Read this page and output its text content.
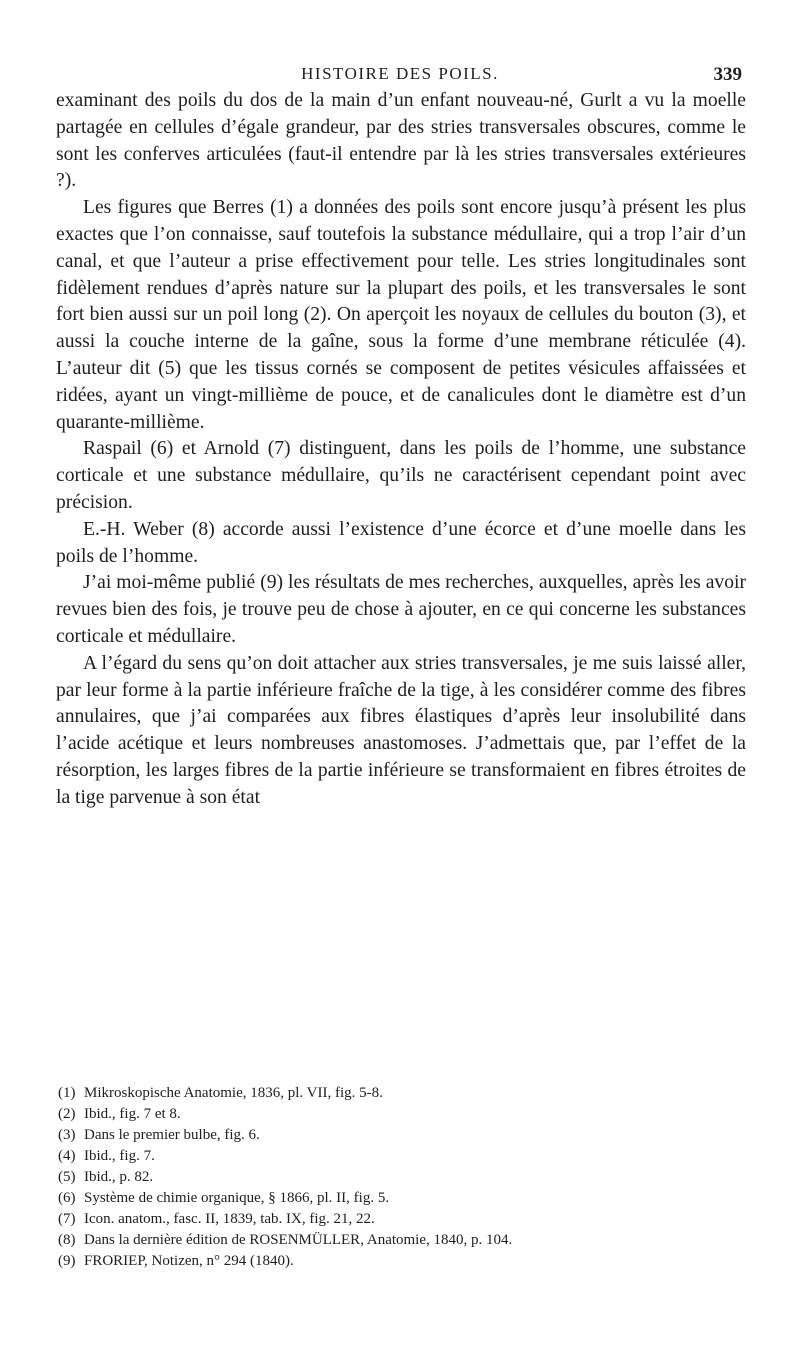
HISTOIRE DES POILS.	339

examinant des poils du dos de la main d’un enfant nouveau-né, Gurlt a vu la moelle partagée en cellules d’égale grandeur, par des stries transversales obscures, comme le sont les conferves articulées (faut-il entendre par là les stries transversales extérieures ?).

Les figures que Berres (1) a données des poils sont encore jusqu’à présent les plus exactes que l’on connaisse, sauf toutefois la substance médullaire, qui a trop l’air d’un canal, et que l’auteur a prise effectivement pour telle. Les stries longitudinales sont fidèlement rendues d’après nature sur la plupart des poils, et les transversales le sont fort bien aussi sur un poil long (2). On aperçoit les noyaux de cellules du bouton (3), et aussi la couche interne de la gaîne, sous la forme d’une membrane réticulée (4). L’auteur dit (5) que les tissus cornés se composent de petites vésicules affaissées et ridées, ayant un vingt-millième de pouce, et de canalicules dont le diamètre est d’un quarante-millième.

Raspail (6) et Arnold (7) distinguent, dans les poils de l’homme, une substance corticale et une substance médullaire, qu’ils ne caractérisent cependant point avec précision.

E.-H. Weber (8) accorde aussi l’existence d’une écorce et d’une moelle dans les poils de l’homme.

J’ai moi-même publié (9) les résultats de mes recherches, auxquelles, après les avoir revues bien des fois, je trouve peu de chose à ajouter, en ce qui concerne les substances corticale et médullaire.

A l’égard du sens qu’on doit attacher aux stries transversales, je me suis laissé aller, par leur forme à la partie inférieure fraîche de la tige, à les considérer comme des fibres annulaires, que j’ai comparées aux fibres élastiques d’après leur insolubilité dans l’acide acétique et leurs nombreuses anastomoses. J’admettais que, par l’effet de la résorption, les larges fibres de la partie inférieure se transformaient en fibres étroites de la tige parvenue à son état

(1) Mikroskopische Anatomie, 1836, pl. VII, fig. 5-8.
(2) Ibid., fig. 7 et 8.
(3) Dans le premier bulbe, fig. 6.
(4) Ibid., fig. 7.
(5) Ibid., p. 82.
(6) Système de chimie organique, § 1866, pl. II, fig. 5.
(7) Icon. anatom., fasc. II, 1839, tab. IX, fig. 21, 22.
(8) Dans la dernière édition de ROSENMÜLLER, Anatomie, 1840, p. 104.
(9) FRORIEP, Notizen, n° 294 (1840).
